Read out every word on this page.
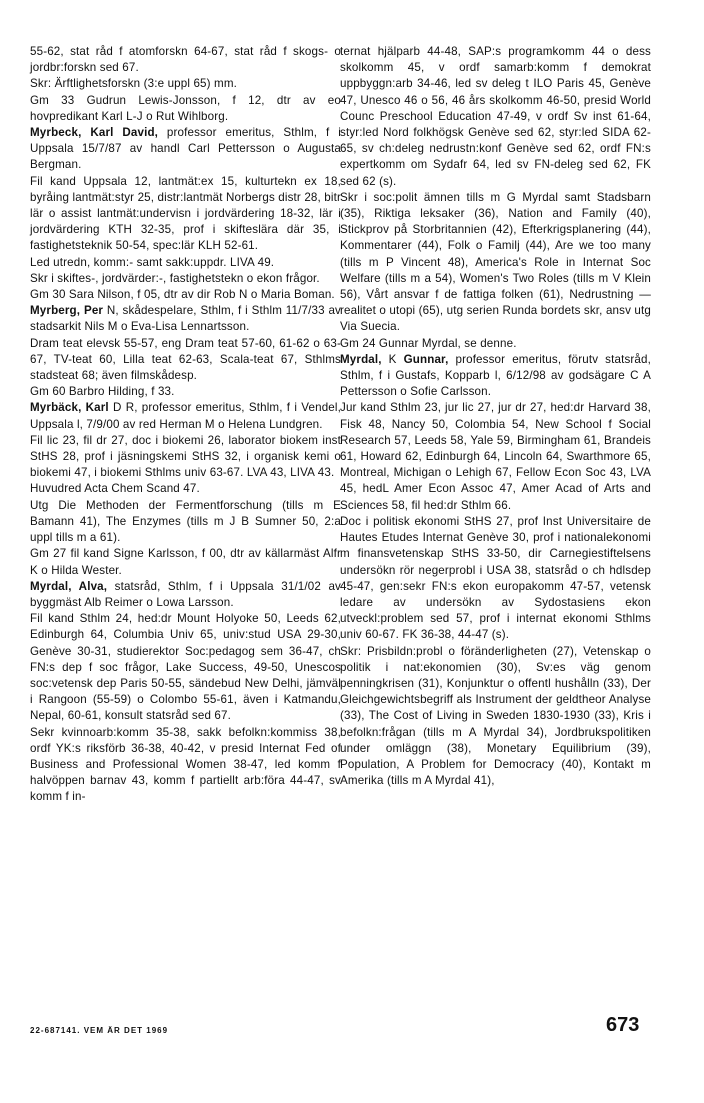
55-62, stat råd f atomforskn 64-67, stat råd f skogs- o jordbr:forskn sed 67.

Skr: Ärftlighetsforskn (3:e uppl 65) mm.

Gm 33 Gudrun Lewis-Jonsson, f 12, dtr av eo hovpredikant Karl L-J o Rut Wihlborg.

Myrbeck, Karl David, professor emeritus, Sthlm, f i Uppsala 15/7/87 av handl Carl Pettersson o Augusta Bergman.

Fil kand Uppsala 12, lantmät:ex 15, kulturtekn ex 18, byråing lantmät:styr 25, distr:lantmät Norbergs distr 28, bitr lär o assist lantmät:undervisn i jordvärdering 18-32, lär i jordvärdering KTH 32-35, prof i skifteslära där 35, i fastighetsteknik 50-54, spec:lär KLH 52-61.

Led utredn, komm:- samt sakk:uppdr. LIVA 49.

Skr i skiftes-, jordvärder:-, fastighetstekn o ekon frågor.

Gm 30 Sara Nilson, f 05, dtr av dir Rob N o Maria Boman.

Myrberg, Per N, skådespelare, Sthlm, f i Sthlm 11/7/33 av stadsarkit Nils M o Eva-Lisa Lennartsson.

Dram teat elevsk 55-57, eng Dram teat 57-60, 61-62 o 63-67, TV-teat 60, Lilla teat 62-63, Scala-teat 67, Sthlms stadsteat 68; även filmskådesp.

Gm 60 Barbro Hilding, f 33.

Myrbäck, Karl D R, professor emeritus, Sthlm, f i Vendel, Uppsala l, 7/9/00 av red Herman M o Helena Lundgren.

Fil lic 23, fil dr 27, doc i biokemi 26, laborator biokem inst StHS 28, prof i jäsningskemi StHS 32, i organisk kemi o biokemi 47, i biokemi Sthlms univ 63-67. LVA 43, LIVA 43.

Huvudred Acta Chem Scand 47.

Utg Die Methoden der Fermentforschung (tills m E Bamann 41), The Enzymes (tills m J B Sumner 50, 2:a uppl tills m a 61).

Gm 27 fil kand Signe Karlsson, f 00, dtr av källarmäst Alfr K o Hilda Wester.

Myrdal, Alva, statsråd, Sthlm, f i Uppsala 31/1/02 av byggmäst Alb Reimer o Lowa Larsson.

Fil kand Sthlm 24, hed:dr Mount Holyoke 50, Leeds 62, Edinburgh 64, Columbia Univ 65, univ:stud USA 29-30, Genève 30-31, studierektor Soc:pedagog sem 36-47, ch FN:s dep f soc frågor, Lake Success, 49-50, Unescos soc:vetensk dep Paris 50-55, sändebud New Delhi, jämväl i Rangoon (55-59) o Colombo 55-61, även i Katmandu, Nepal, 60-61, konsult statsråd sed 67.

Sekr kvinnoarb:komm 35-38, sakk befolkn:kommiss 38, ordf YK:s riksförb 36-38, 40-42, v presid Internat Fed of Business and Professional Women 38-47, led komm f halvöppen barnav 43, komm f partiellt arb:föra 44-47, sv komm f in-

ternat hjälparb 44-48, SAP:s programkomm 44 o dess skolkomm 45, v ordf samarb:komm f demokrat uppbyggn:arb 34-46, led sv deleg t ILO Paris 45, Genève 47, Unesco 46 o 56, 46 års skolkomm 46-50, presid World Counc Preschool Education 47-49, v ordf Sv inst 61-64, styr:led Nord folkhögsk Genève sed 62, styr:led SIDA 62-65, sv ch:deleg nedrustn:konf Genève sed 62, ordf FN:s expertkomm om Sydafr 64, led sv FN-deleg sed 62, FK sed 62 (s).

Skr i soc:polit ämnen tills m G Myrdal samt Stadsbarn (35), Riktiga leksaker (36), Nation and Family (40), Stickprov på Storbritannien (42), Efterkrigsplanering (44), Kommentarer (44), Folk o Familj (44), Are we too many (tills m P Vincent 48), America's Role in Internat Soc Welfare (tills m a 54), Women's Two Roles (tills m V Klein 56), Vårt ansvar f de fattiga folken (61), Nedrustning — realitet o utopi (65), utg serien Runda bordets skr, ansv utg Via Suecia.

Gm 24 Gunnar Myrdal, se denne.

Myrdal, K Gunnar, professor emeritus, förutv statsråd, Sthlm, f i Gustafs, Kopparb l, 6/12/98 av godsägare C A Pettersson o Sofie Carlsson.

Jur kand Sthlm 23, jur lic 27, jur dr 27, hed:dr Harvard 38, Fisk 48, Nancy 50, Colombia 54, New School f Social Research 57, Leeds 58, Yale 59, Birmingham 61, Brandeis 61, Howard 62, Edinburgh 64, Lincoln 64, Swarthmore 65, Montreal, Michigan o Lehigh 67, Fellow Econ Soc 43, LVA 45, hedL Amer Econ Assoc 47, Amer Acad of Arts and Sciences 58, fil hed:dr Sthlm 66.

Doc i politisk ekonomi StHS 27, prof Inst Universitaire de Hautes Etudes Internat Genève 30, prof i nationalekonomi m finansvetenskap StHS 33-50, dir Carnegiestiftelsens undersökn rör negerprobl i USA 38, statsråd o ch hdlsdep 45-47, gen:sekr FN:s ekon europakomm 47-57, vetensk ledare av undersökn av Sydostasiens ekon utveckl:problem sed 57, prof i internat ekonomi Sthlms univ 60-67. FK 36-38, 44-47 (s).

Skr: Prisbildn:probl o föränderligheten (27), Vetenskap o politik i nat:ekonomien (30), Sv:es väg genom penningkrisen (31), Konjunktur o offentl hushålln (33), Der Gleichgewichtsbegriff als Instrument der geldtheor Analyse (33), The Cost of Living in Sweden 1830-1930 (33), Kris i befolkn:frågan (tills m A Myrdal 34), Jordbrukspolitiken under omläggn (38), Monetary Equilibrium (39), Population, A Problem for Democracy (40), Kontakt m Amerika (tills m A Myrdal 41),

22-687141. VEM ÄR DET 1969	673
